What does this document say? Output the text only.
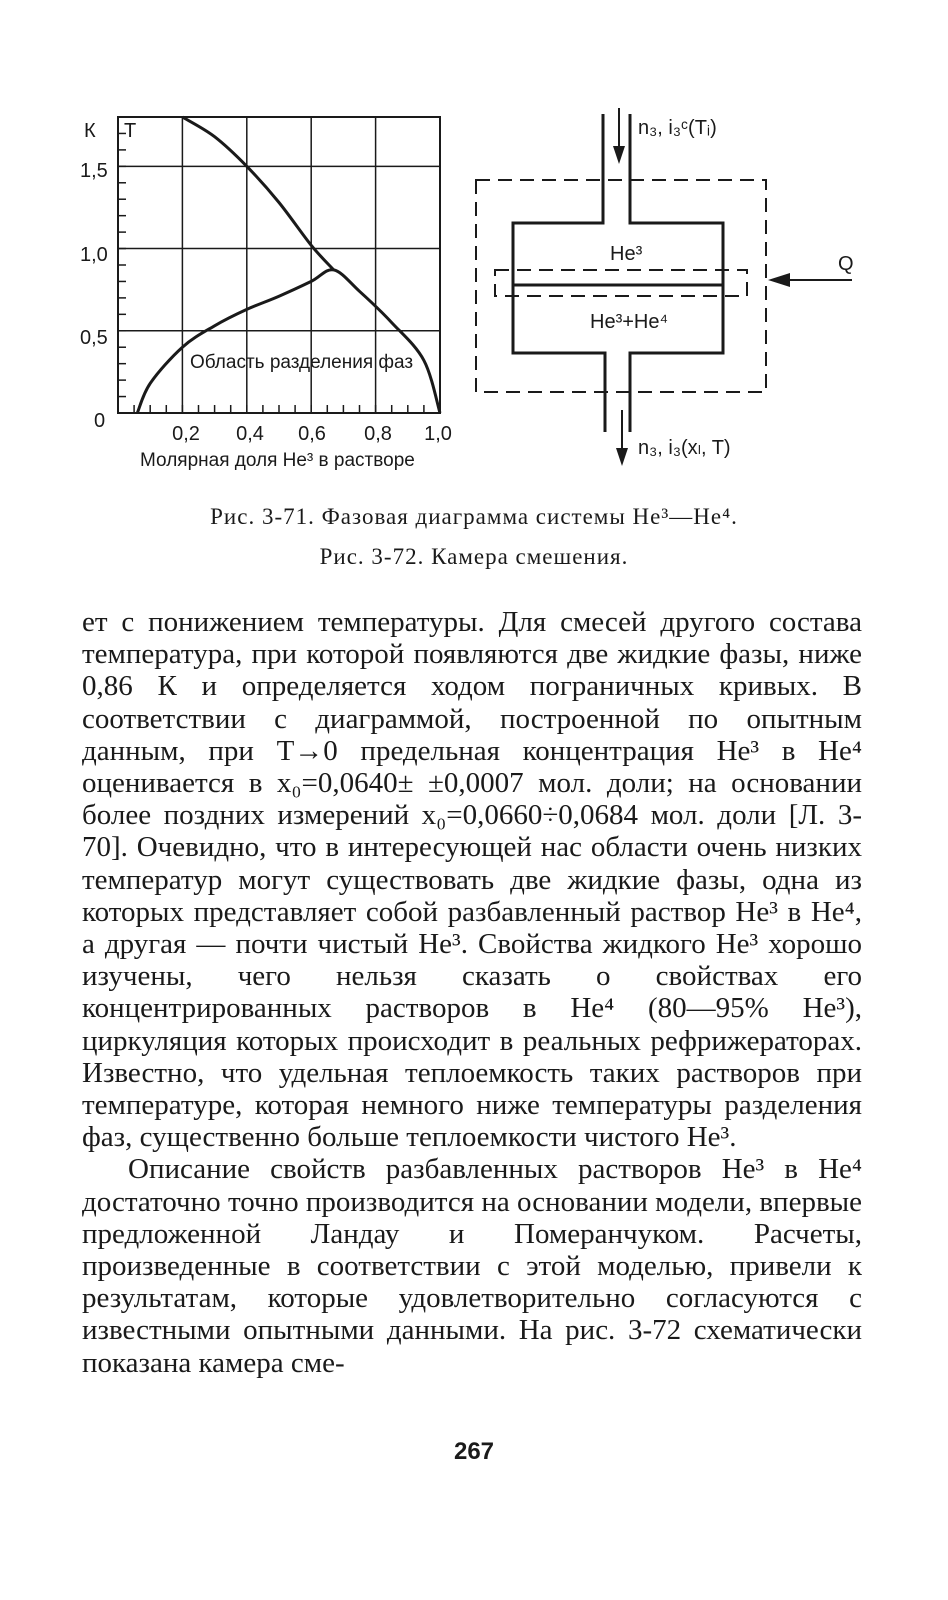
К T
1,5
1,0
0,5
0
0,2 0,4 0,6 0,8 1,0
Молярная доля He³ в растворе
Область разделения фаз
n₃, i₃ᶜ(Tᵢ)
n₃, i₃(xₗ, T)
He³
He³+He⁴
Q
Рис. 3-71. Фазовая диаграмма системы He³—He⁴.
Рис. 3-72. Камера смешения.

ет с понижением температуры. Для смесей другого состава температура, при которой появляются две жидкие фазы, ниже 0,86 К и определяется ходом пограничных кривых. В соответствии с диаграммой, построенной по опытным данным, при T→0 предельная концентрация He³ в He⁴ оценивается в x₀=0,0640± ±0,0007 мол. доли; на основании более поздних измерений x₀=0,0660÷0,0684 мол. доли [Л. 3-70]. Очевидно, что в интересующей нас области очень низких температур могут существовать две жидкие фазы, одна из которых представляет собой разбавленный раствор He³ в He⁴, а другая — почти чистый He³. Свойства жидкого He³ хорошо изучены, чего нельзя сказать о свойствах его концентрированных растворов в He⁴ (80—95% He³), циркуляция которых происходит в реальных рефрижераторах. Известно, что удельная теплоемкость таких растворов при температуре, которая немного ниже температуры разделения фаз, существенно больше теплоемкости чистого He³.

Описание свойств разбавленных растворов He³ в He⁴ достаточно точно производится на основании модели, впервые предложенной Ландау и Померанчуком. Расчеты, произведенные в соответствии с этой моделью, привели к результатам, которые удовлетворительно согласуются с известными опытными данными. На рис. 3-72 схематически показана камера сме-

267
